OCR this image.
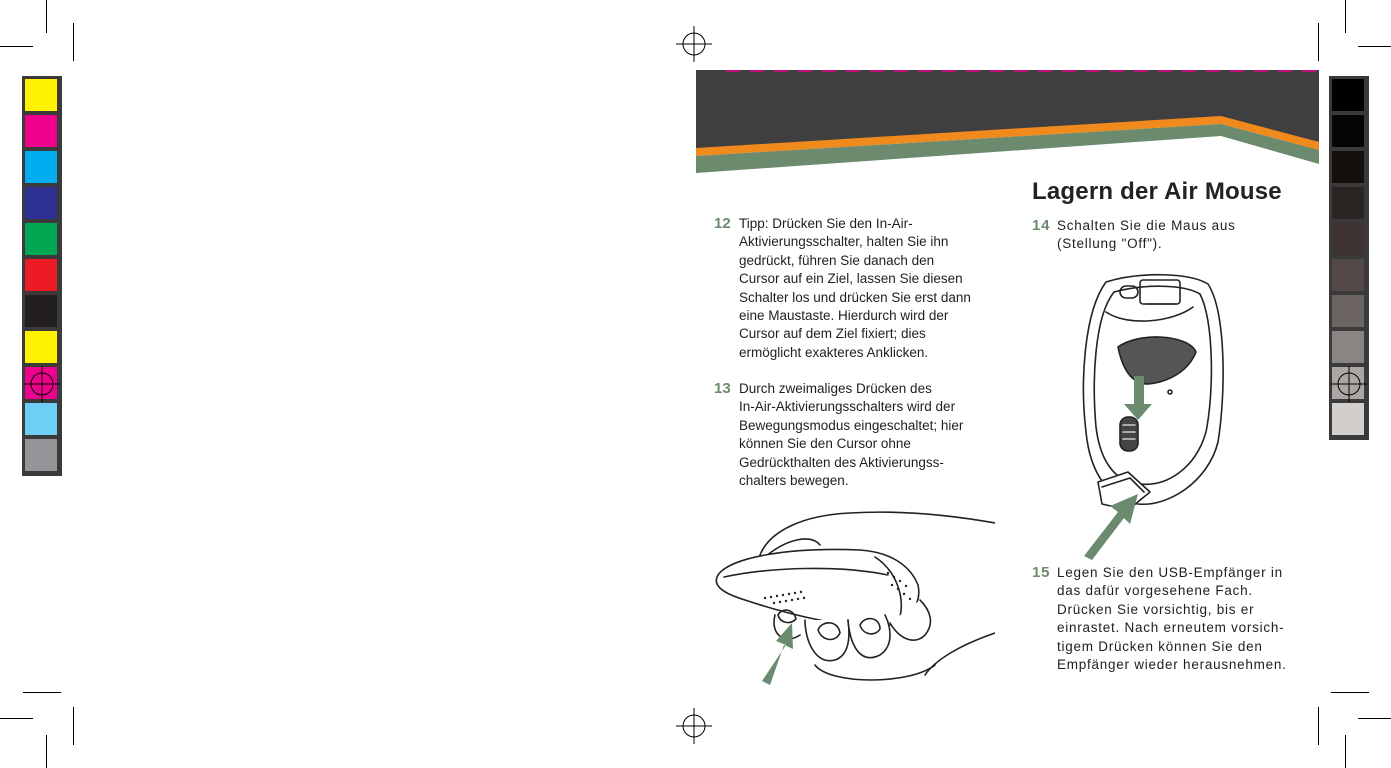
Lagern der Air Mouse
12 Tipp: Drücken Sie den In-Air-
Aktivierungsschalter, halten Sie ihn
gedrückt, führen Sie danach den
Cursor auf ein Ziel, lassen Sie diesen
Schalter los und drücken Sie erst dann
eine Maustaste. Hierdurch wird der
Cursor auf dem Ziel fixiert; dies
ermöglicht exakteres Anklicken.
13 Durch zweimaliges Drücken des
In-Air-Aktivierungsschalters wird der
Bewegungsmodus eingeschaltet; hier
können Sie den Cursor ohne
Gedrückthalten des Aktivierungss-
chalters bewegen.
14 Schalten Sie die Maus aus
(Stellung "Off").
15 Legen Sie den USB-Empfänger in
das dafür vorgesehene Fach.
Drücken Sie vorsichtig, bis er
einrastet. Nach erneutem vorsich-
tigem Drücken können Sie den
Empfänger wieder herausnehmen.
